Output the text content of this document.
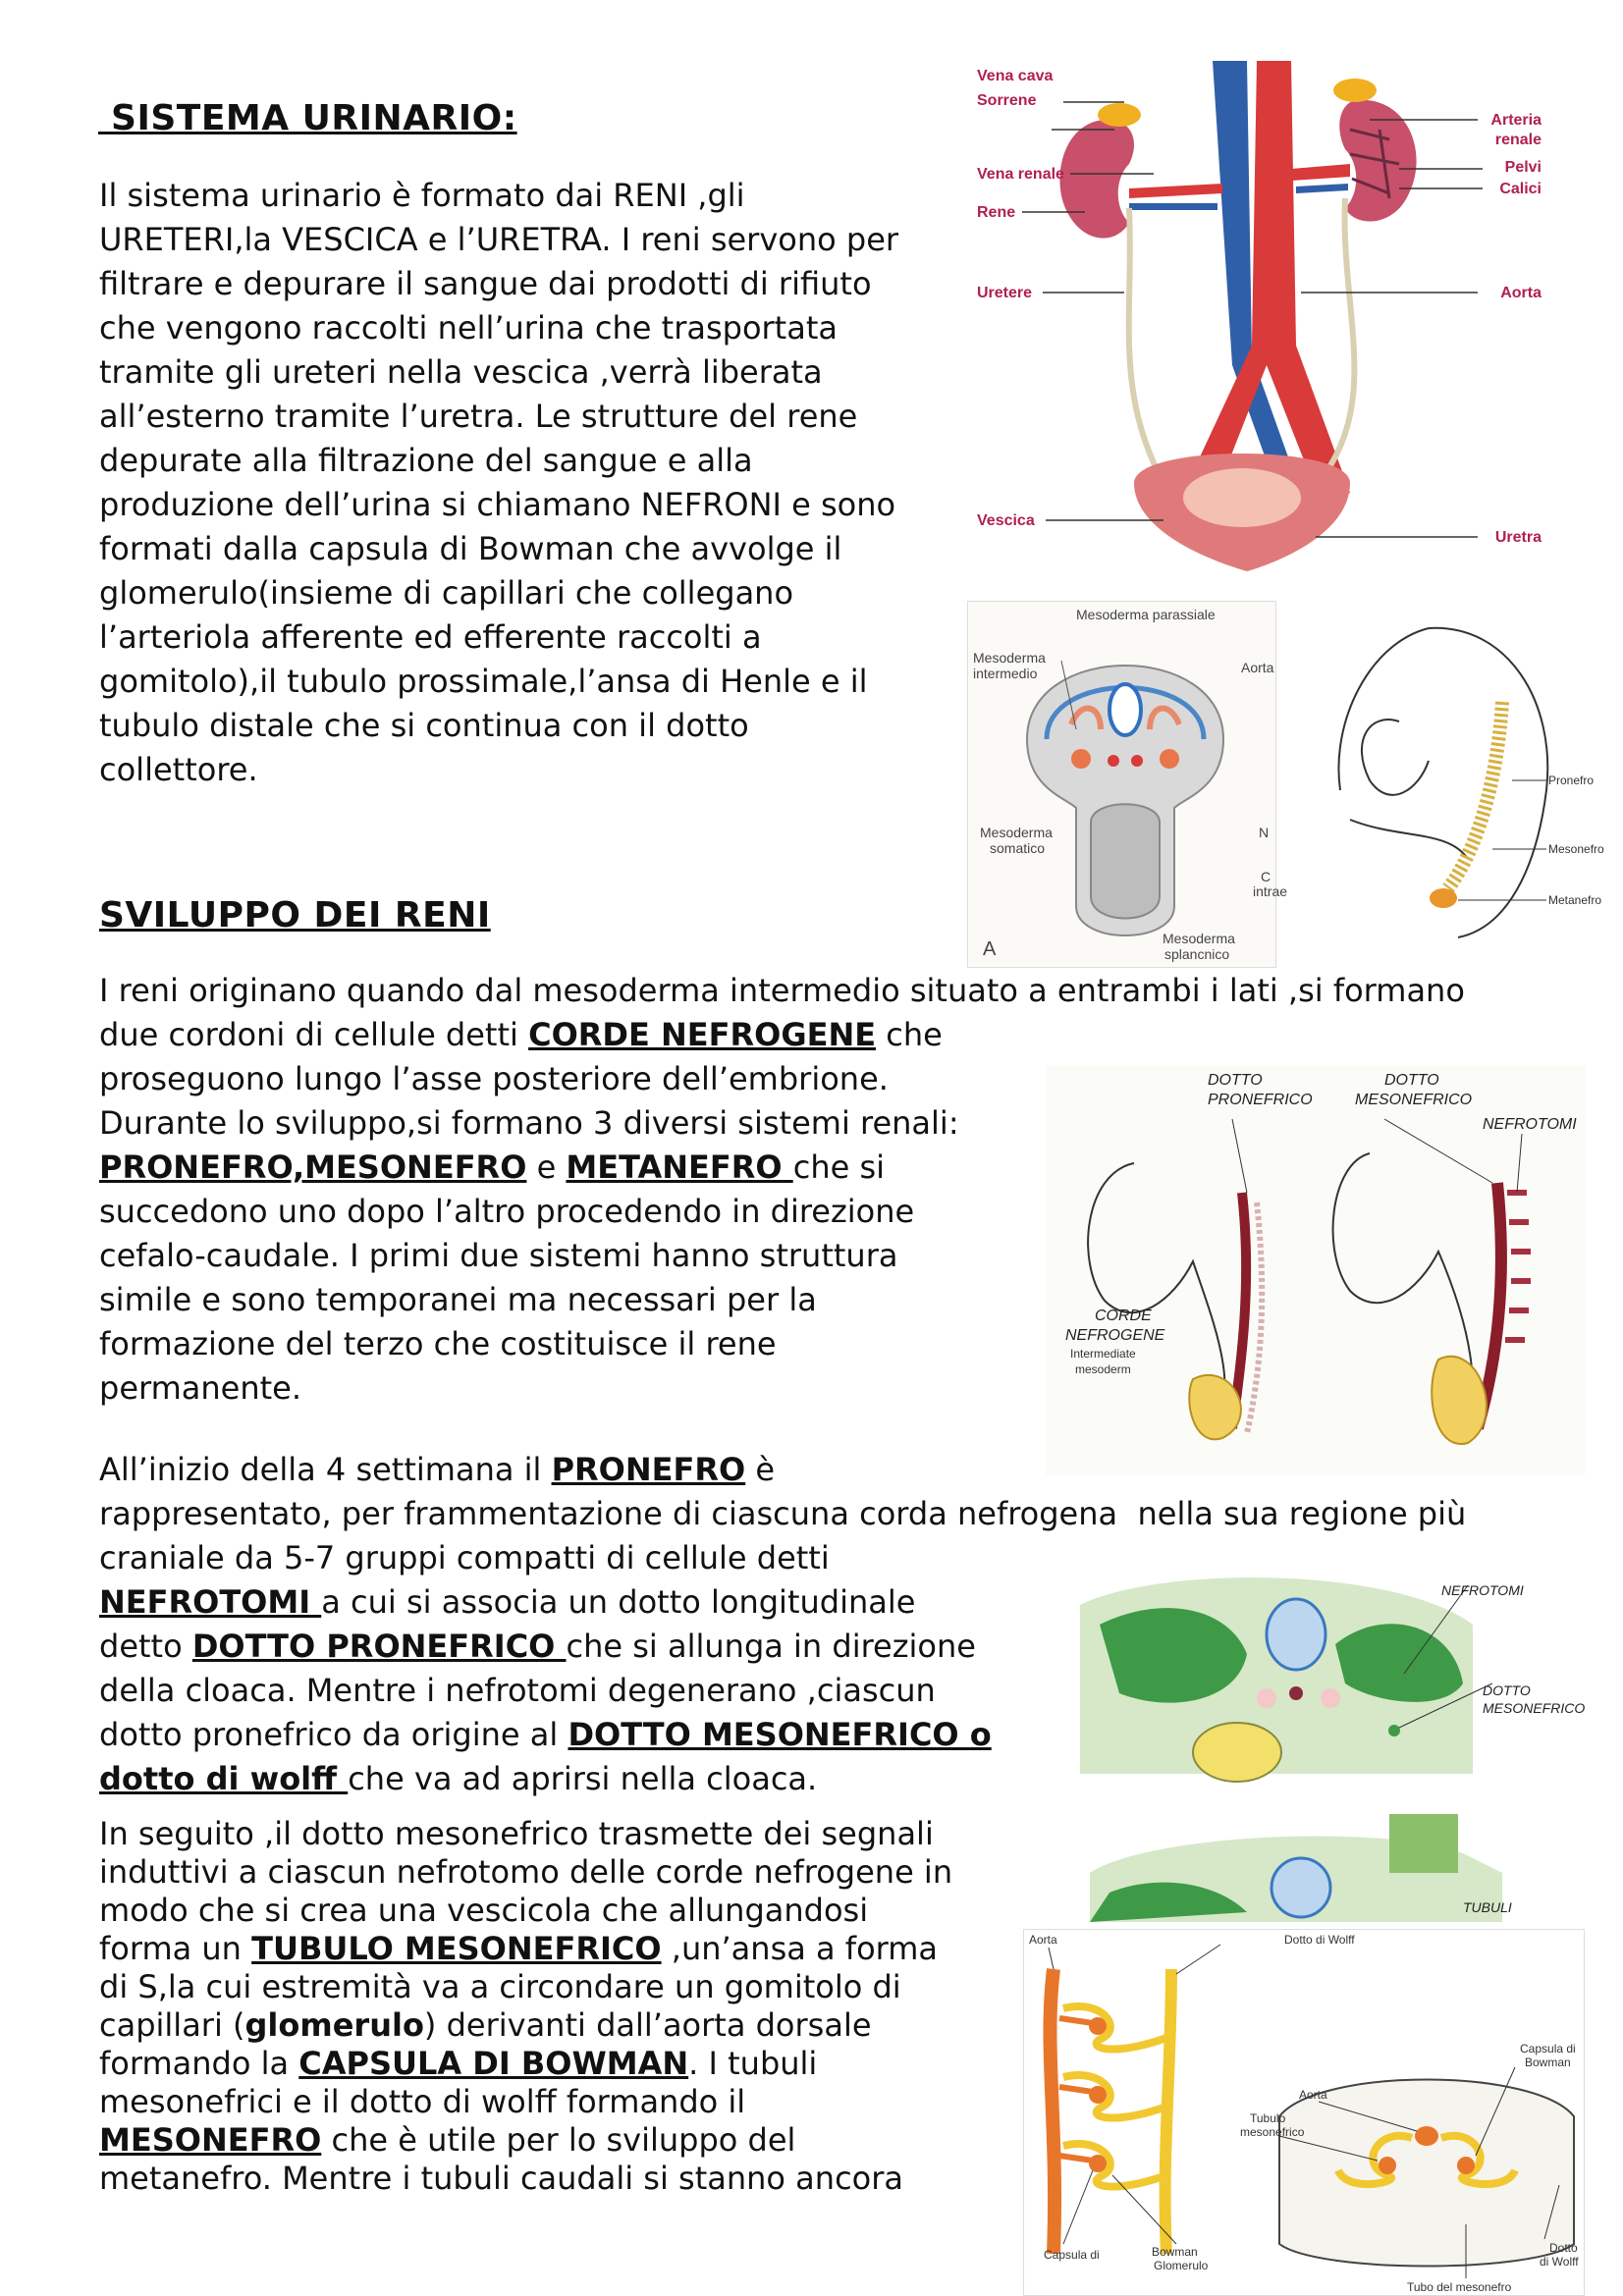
SISTEMA URINARIO:

Il sistema urinario è formato dai RENI ,gli

URETERI,la VESCICA e l’URETRA. I reni servono per

filtrare e depurare il sangue dai prodotti di rifiuto

che vengono raccolti nell’urina che trasportata

tramite gli ureteri nella vescica ,verrà liberata

all’esterno tramite l’uretra. Le strutture del rene

depurate alla filtrazione del sangue e alla

produzione dell’urina si chiamano NEFRONI e sono

formati dalla capsula di Bowman che avvolge il

glomerulo(insieme di capillari che collegano

l’arteriola afferente ed efferente raccolti a

gomitolo),il tubulo prossimale,l’ansa di Henle e il

tubulo distale che si continua con il dotto

collettore.

SVILUPPO DEI RENI

I reni originano quando dal mesoderma intermedio situato a entrambi i lati ,si formano

due cordoni di cellule detti CORDE NEFROGENE che

proseguono lungo l’asse posteriore dell’embrione.

Durante lo sviluppo,si formano 3 diversi sistemi renali:

PRONEFRO,MESONEFRO e METANEFRO che si

succedono uno dopo l’altro procedendo in direzione

cefalo-caudale. I primi due sistemi hanno struttura

simile e sono temporanei ma necessari per la

formazione del terzo che costituisce il rene

permanente.

All’inizio della 4 settimana il PRONEFRO è

rappresentato, per frammentazione di ciascuna corda nefrogena  nella sua regione più

craniale da 5-7 gruppi compatti di cellule detti

NEFROTOMI a cui si associa un dotto longitudinale

detto DOTTO PRONEFRICO che si allunga in direzione

della cloaca. Mentre i nefrotomi degenerano ,ciascun

dotto pronefrico da origine al DOTTO MESONEFRICO o

dotto di wolff che va ad aprirsi nella cloaca.

In seguito ,il dotto mesonefrico trasmette dei segnali

induttivi a ciascun nefrotomo delle corde nefrogene in

modo che si crea una vescicola che allungandosi

forma un TUBULO MESONEFRICO ,un’ansa a forma

di S,la cui estremità va a circondare un gomitolo di

capillari (glomerulo) derivanti dall’aorta dorsale

formando la CAPSULA DI BOWMAN. I tubuli

mesonefrici e il dotto di wolff formando il

MESONEFRO che è utile per lo sviluppo del

metanefro. Mentre i tubuli caudali si stanno ancora

Vena cava
Sorrene
Vena renale
Rene
Uretere
Vescica
Arteria
renale
Pelvi
Calici
Aorta
Uretra
Mesoderma parassiale
Mesoderma
intermedio	Aorta
Mesoderma
somatico
Mesoderma
splancnico
A
N
C
intrae
Pronefro
Mesonefro
Metanefro
DOTTO
PRONEFRICO
DOTTO
MESONEFRICO
NEFROTOMI
CORDE
NEFROGENE
Intermediate
mesoderm
NEFROTOMI
DOTTO
MESONEFRICO
TUBULI
Aorta	Dotto di Wolff
Aorta
Tubulo
mesonefrico
Capsula di	Bowman
Glomerulo
Capsula di
Bowman
Dotto
di Wolff
Tubo del mesonefro
